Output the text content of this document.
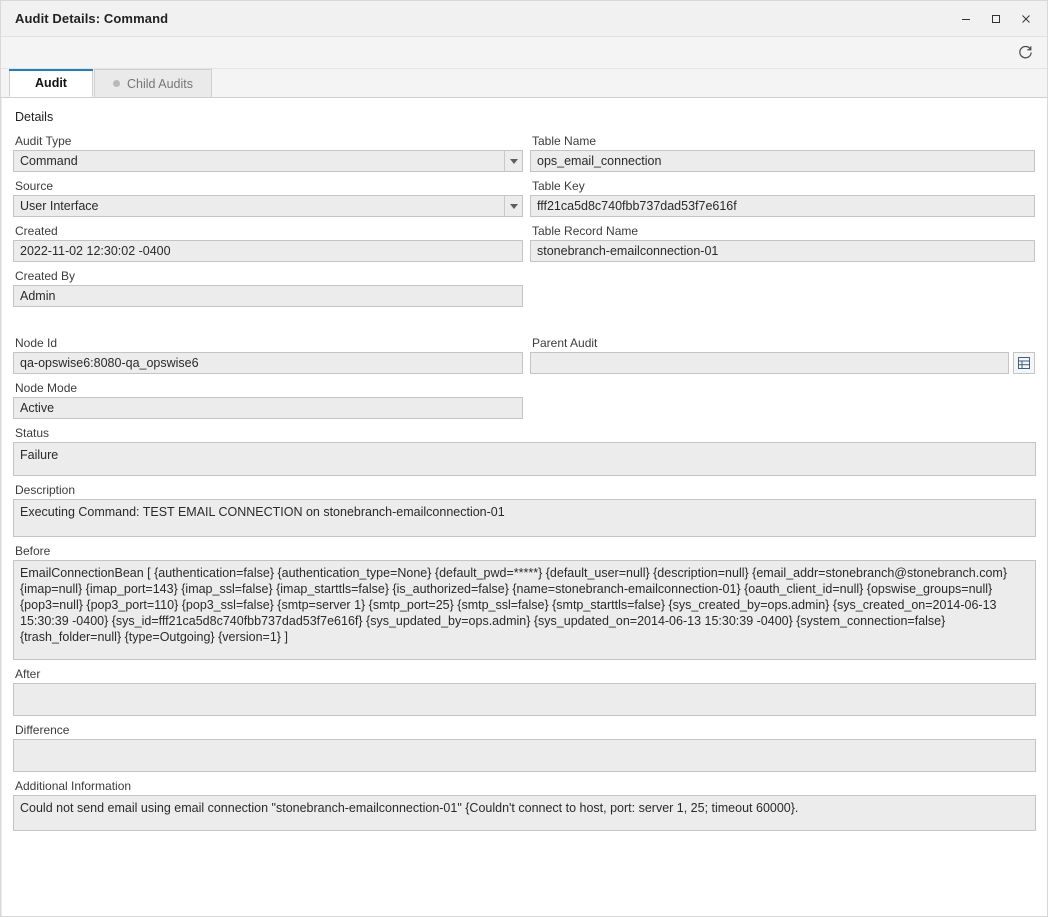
Audit Details: Command
Audit	Child Audits
Details
Audit Type
Command
Table Name
ops_email_connection
Source
User Interface
Table Key
fff21ca5d8c740fbb737dad53f7e616f
Created
2022-11-02 12:30:02 -0400
Table Record Name
stonebranch-emailconnection-01
Created By
Admin
Node Id
qa-opswise6:8080-qa_opswise6
Parent Audit
Node Mode
Active
Status
Failure
Description
Executing Command: TEST EMAIL CONNECTION on stonebranch-emailconnection-01
Before
EmailConnectionBean [ {authentication=false} {authentication_type=None} {default_pwd=*****} {default_user=null} {description=null} {email_addr=stonebranch@stonebranch.com} {imap=null} {imap_port=143} {imap_ssl=false} {imap_starttls=false} {is_authorized=false} {name=stonebranch-emailconnection-01} {oauth_client_id=null} {opswise_groups=null} {pop3=null} {pop3_port=110} {pop3_ssl=false} {smtp=server 1} {smtp_port=25} {smtp_ssl=false} {smtp_starttls=false} {sys_created_by=ops.admin} {sys_created_on=2014-06-13 15:30:39 -0400} {sys_id=fff21ca5d8c740fbb737dad53f7e616f} {sys_updated_by=ops.admin} {sys_updated_on=2014-06-13 15:30:39 -0400} {system_connection=false} {trash_folder=null} {type=Outgoing} {version=1} ]
After
Difference
Additional Information
Could not send email using email connection "stonebranch-emailconnection-01" {Couldn't connect to host, port: server 1, 25; timeout 60000}.
